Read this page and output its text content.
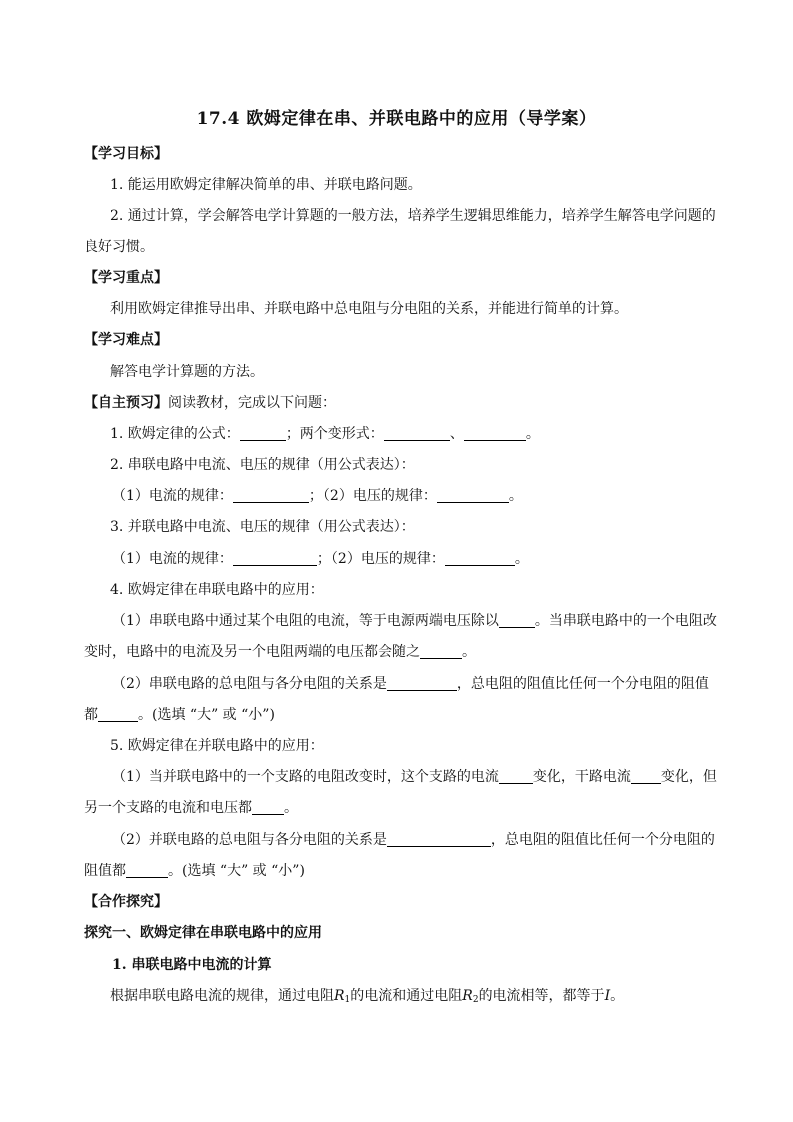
17.4 欧姆定律在串、并联电路中的应用（导学案）
【学习目标】
1. 能运用欧姆定律解决简单的串、并联电路问题。
2. 通过计算，学会解答电学计算题的一般方法，培养学生逻辑思维能力，培养学生解答电学问题的
良好习惯。
【学习重点】
利用欧姆定律推导出串、并联电路中总电阻与分电阻的关系，并能进行简单的计算。
【学习难点】
解答电学计算题的方法。
【自主预习】阅读教材，完成以下问题：
1. 欧姆定律的公式：	；两个变形式：	、	。
2. 串联电路中电流、电压的规律（用公式表达）：
（1）电流的规律：	；（2）电压的规律：	。
3. 并联电路中电流、电压的规律（用公式表达）：
（1）电流的规律：	；（2）电压的规律：	。
4. 欧姆定律在串联电路中的应用：
（1）串联电路中通过某个电阻的电流，等于电源两端电压除以	。当串联电路中的一个电阻改
变时，电路中的电流及另一个电阻两端的电压都会随之	。
（2）串联电路的总电阻与各分电阻的关系是	，总电阻的阻值比任何一个分电阻的阻值
都	。(选填 “大” 或 “小”)
5. 欧姆定律在并联电路中的应用：
（1）当并联电路中的一个支路的电阻改变时，这个支路的电流 变化，干路电流 变化，但
另一个支路的电流和电压都 。
（2）并联电路的总电阻与各分电阻的关系是	，总电阻的阻值比任何一个分电阻的
阻值都	。(选填 “大” 或 “小”)
【合作探究】
探究一、欧姆定律在串联电路中的应用
1. 串联电路中电流的计算
根据串联电路电流的规律，通过电阻$R_1$的电流和通过电阻$R_2$的电流相等，都等于I。
